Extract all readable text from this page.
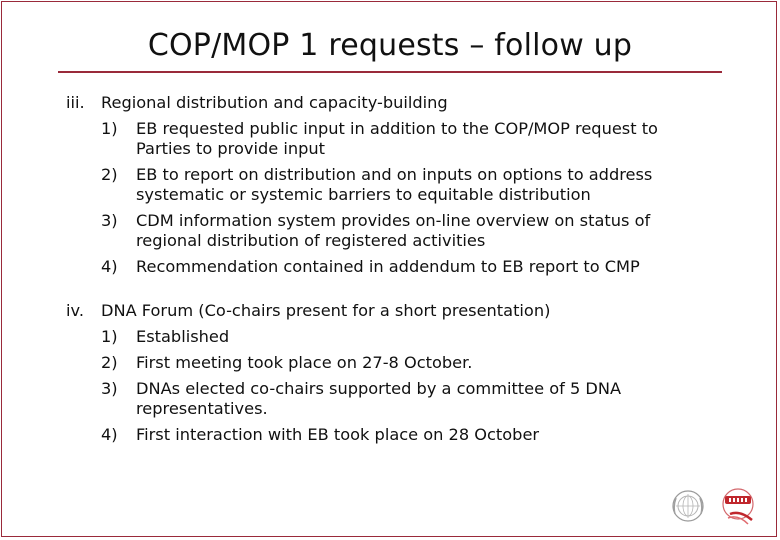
COP/MOP 1 requests – follow up
iii.	Regional distribution and capacity-building
1)	EB requested public input in addition to the COP/MOP request to Parties to provide input
2)	EB to report on distribution and on inputs on options to address systematic or systemic barriers to equitable distribution
3)	CDM information system provides on-line overview on status of regional distribution of registered activities
4)	Recommendation contained in addendum to EB report to CMP
iv.	DNA Forum (Co-chairs present for a short presentation)
1)	Established
2)	First meeting took place on 27-8 October.
3)	DNAs elected co-chairs supported by a committee of 5 DNA representatives.
4)	First interaction with EB took place on 28 October
